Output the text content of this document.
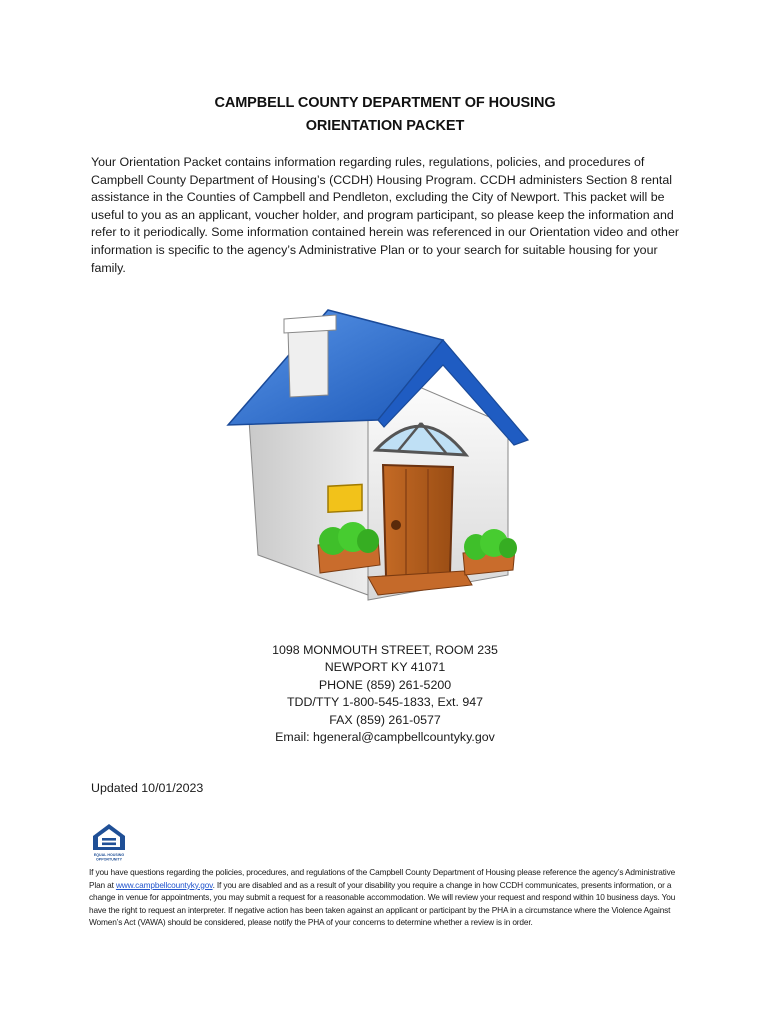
CAMPBELL COUNTY DEPARTMENT OF HOUSING
ORIENTATION PACKET

Your Orientation Packet contains information regarding rules, regulations, policies, and procedures of Campbell County Department of Housing’s (CCDH) Housing Program. CCDH administers Section 8 rental assistance in the Counties of Campbell and Pendleton, excluding the City of Newport. This packet will be useful to you as an applicant, voucher holder, and program participant, so please keep the information and refer to it periodically. Some information contained herein was referenced in our Orientation video and other information is specific to the agency’s Administrative Plan or to your search for suitable housing for your family.

1098 MONMOUTH STREET, ROOM 235
NEWPORT KY 41071
PHONE (859) 261-5200
TDD/TTY 1-800-545-1833, Ext. 947
FAX (859) 261-0577
Email: hgeneral@campbellcountyky.gov
Updated 10/01/2023
EQUAL HOUSING
OPPORTUNITY

If you have questions regarding the policies, procedures, and regulations of the Campbell County Department of Housing please reference the agency’s Administrative Plan at www.campbellcountyky.gov. If you are disabled and as a result of your disability you require a change in how CCDH communicates, presents information, or a change in venue for appointments, you may submit a request for a reasonable accommodation. We will review your request and respond within 10 business days. You have the right to request an interpreter. If negative action has been taken against an applicant or participant by the PHA in a circumstance where the Violence Against Women’s Act (VAWA) should be considered, please notify the PHA of your concerns to determine whether a review is in order.
